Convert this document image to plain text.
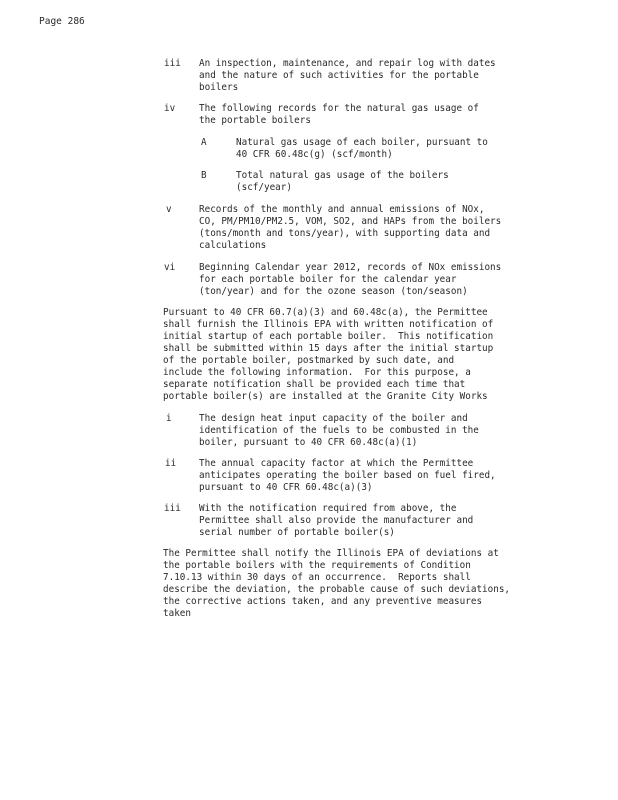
Page 286
iii An inspection, maintenance, and repair log with dates
and the nature of such activities for the portable
boilers
iv	The following records for the natural gas usage of
the portable boilers
A	Natural gas usage of each boiler, pursuant to
40 CFR 60.48c(g) (scf/month)
B	Total natural gas usage of the boilers
(scf/year)
v	Records of the monthly and annual emissions of NOx,
CO, PM/PM10/PM2.5, VOM, SO2, and HAPs from the boilers
(tons/month and tons/year), with supporting data and
calculations
vi	Beginning Calendar year 2012, records of NOx emissions
for each portable boiler for the calendar year
(ton/year) and for the ozone season (ton/season)
Pursuant to 40 CFR 60.7(a)(3) and 60.48c(a), the Permittee
shall furnish the Illinois EPA with written notification of
initial startup of each portable boiler.  This notification
shall be submitted within 15 days after the initial startup
of the portable boiler, postmarked by such date, and
include the following information.  For this purpose, a
separate notification shall be provided each time that
portable boiler(s) are installed at the Granite City Works
i	The design heat input capacity of the boiler and
identification of the fuels to be combusted in the
boiler, pursuant to 40 CFR 60.48c(a)(1)
ii The annual capacity factor at which the Permittee
anticipates operating the boiler based on fuel fired,
pursuant to 40 CFR 60.48c(a)(3)
iii With the notification required from above, the
Permittee shall also provide the manufacturer and
serial number of portable boiler(s)
The Permittee shall notify the Illinois EPA of deviations at
the portable boilers with the requirements of Condition
7.10.13 within 30 days of an occurrence.  Reports shall
describe the deviation, the probable cause of such deviations,
the corrective actions taken, and any preventive measures
taken
